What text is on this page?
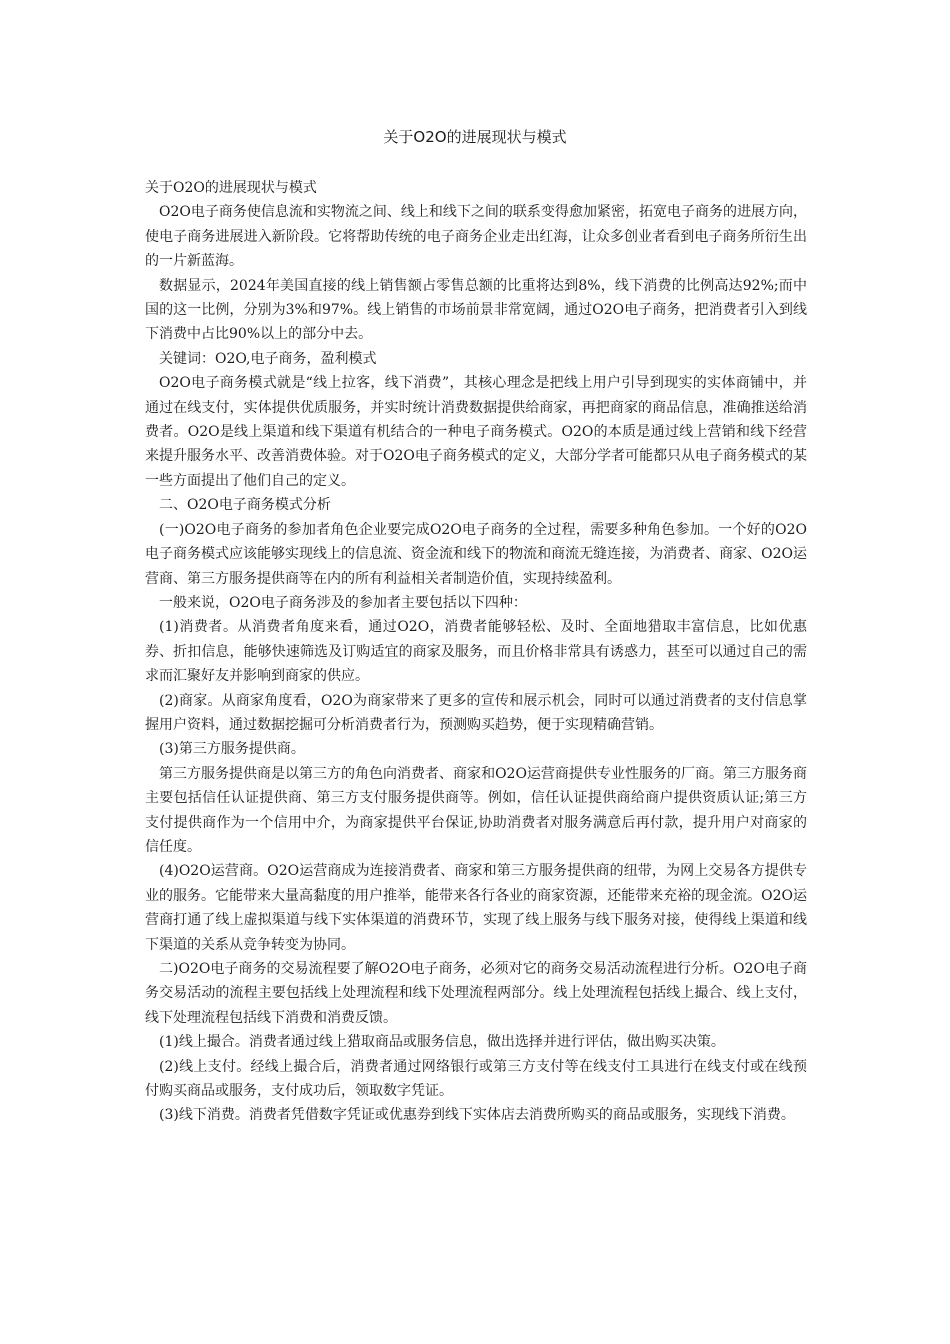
关于O2O的进展现状与模式

关于O2O的进展现状与模式

O2O电子商务使信息流和实物流之间、线上和线下之间的联系变得愈加紧密，拓宽电子商务的进展方向，使电子商务进展进入新阶段。它将帮助传统的电子商务企业走出红海，让众多创业者看到电子商务所衍生出的一片新蓝海。

数据显示，2024年美国直接的线上销售额占零售总额的比重将达到8%，线下消费的比例高达92%;而中国的这一比例，分别为3%和97%。线上销售的市场前景非常宽阔，通过O2O电子商务，把消费者引入到线下消费中占比90%以上的部分中去。

关键词：O2O,电子商务，盈利模式

O2O电子商务模式就是“线上拉客，线下消费”，其核心理念是把线上用户引导到现实的实体商铺中，并通过在线支付，实体提供优质服务，并实时统计消费数据提供给商家，再把商家的商品信息，准确推送给消费者。O2O是线上渠道和线下渠道有机结合的一种电子商务模式。O2O的本质是通过线上营销和线下经营来提升服务水平、改善消费体验。对于O2O电子商务模式的定义，大部分学者可能都只从电子商务模式的某一些方面提出了他们自己的定义。

二、O2O电子商务模式分析

(一)O2O电子商务的参加者角色企业要完成O2O电子商务的全过程，需要多种角色参加。一个好的O2O电子商务模式应该能够实现线上的信息流、资金流和线下的物流和商流无缝连接，为消费者、商家、O2O运营商、第三方服务提供商等在内的所有利益相关者制造价值，实现持续盈利。

一般来说，O2O电子商务涉及的参加者主要包括以下四种：

(1)消费者。从消费者角度来看，通过O2O，消费者能够轻松、及时、全面地猎取丰富信息，比如优惠券、折扣信息，能够快速筛选及订购适宜的商家及服务，而且价格非常具有诱惑力，甚至可以通过自己的需求而汇聚好友并影响到商家的供应。

(2)商家。从商家角度看，O2O为商家带来了更多的宣传和展示机会，同时可以通过消费者的支付信息掌握用户资料，通过数据挖掘可分析消费者行为，预测购买趋势，便于实现精确营销。

(3)第三方服务提供商。

第三方服务提供商是以第三方的角色向消费者、商家和O2O运营商提供专业性服务的厂商。第三方服务商主要包括信任认证提供商、第三方支付服务提供商等。例如，信任认证提供商给商户提供资质认证;第三方支付提供商作为一个信用中介，为商家提供平台保证,协助消费者对服务满意后再付款，提升用户对商家的信任度。

(4)O2O运营商。O2O运营商成为连接消费者、商家和第三方服务提供商的纽带，为网上交易各方提供专业的服务。它能带来大量高黏度的用户推举，能带来各行各业的商家资源，还能带来充裕的现金流。O2O运营商打通了线上虚拟渠道与线下实体渠道的消费环节，实现了线上服务与线下服务对接，使得线上渠道和线下渠道的关系从竞争转变为协同。

二)O2O电子商务的交易流程要了解O2O电子商务，必须对它的商务交易活动流程进行分析。O2O电子商务交易活动的流程主要包括线上处理流程和线下处理流程两部分。线上处理流程包括线上撮合、线上支付，线下处理流程包括线下消费和消费反馈。

(1)线上撮合。消费者通过线上猎取商品或服务信息，做出选择并进行评估，做出购买决策。

(2)线上支付。经线上撮合后，消费者通过网络银行或第三方支付等在线支付工具进行在线支付或在线预付购买商品或服务，支付成功后，领取数字凭证。

(3)线下消费。消费者凭借数字凭证或优惠券到线下实体店去消费所购买的商品或服务，实现线下消费。
